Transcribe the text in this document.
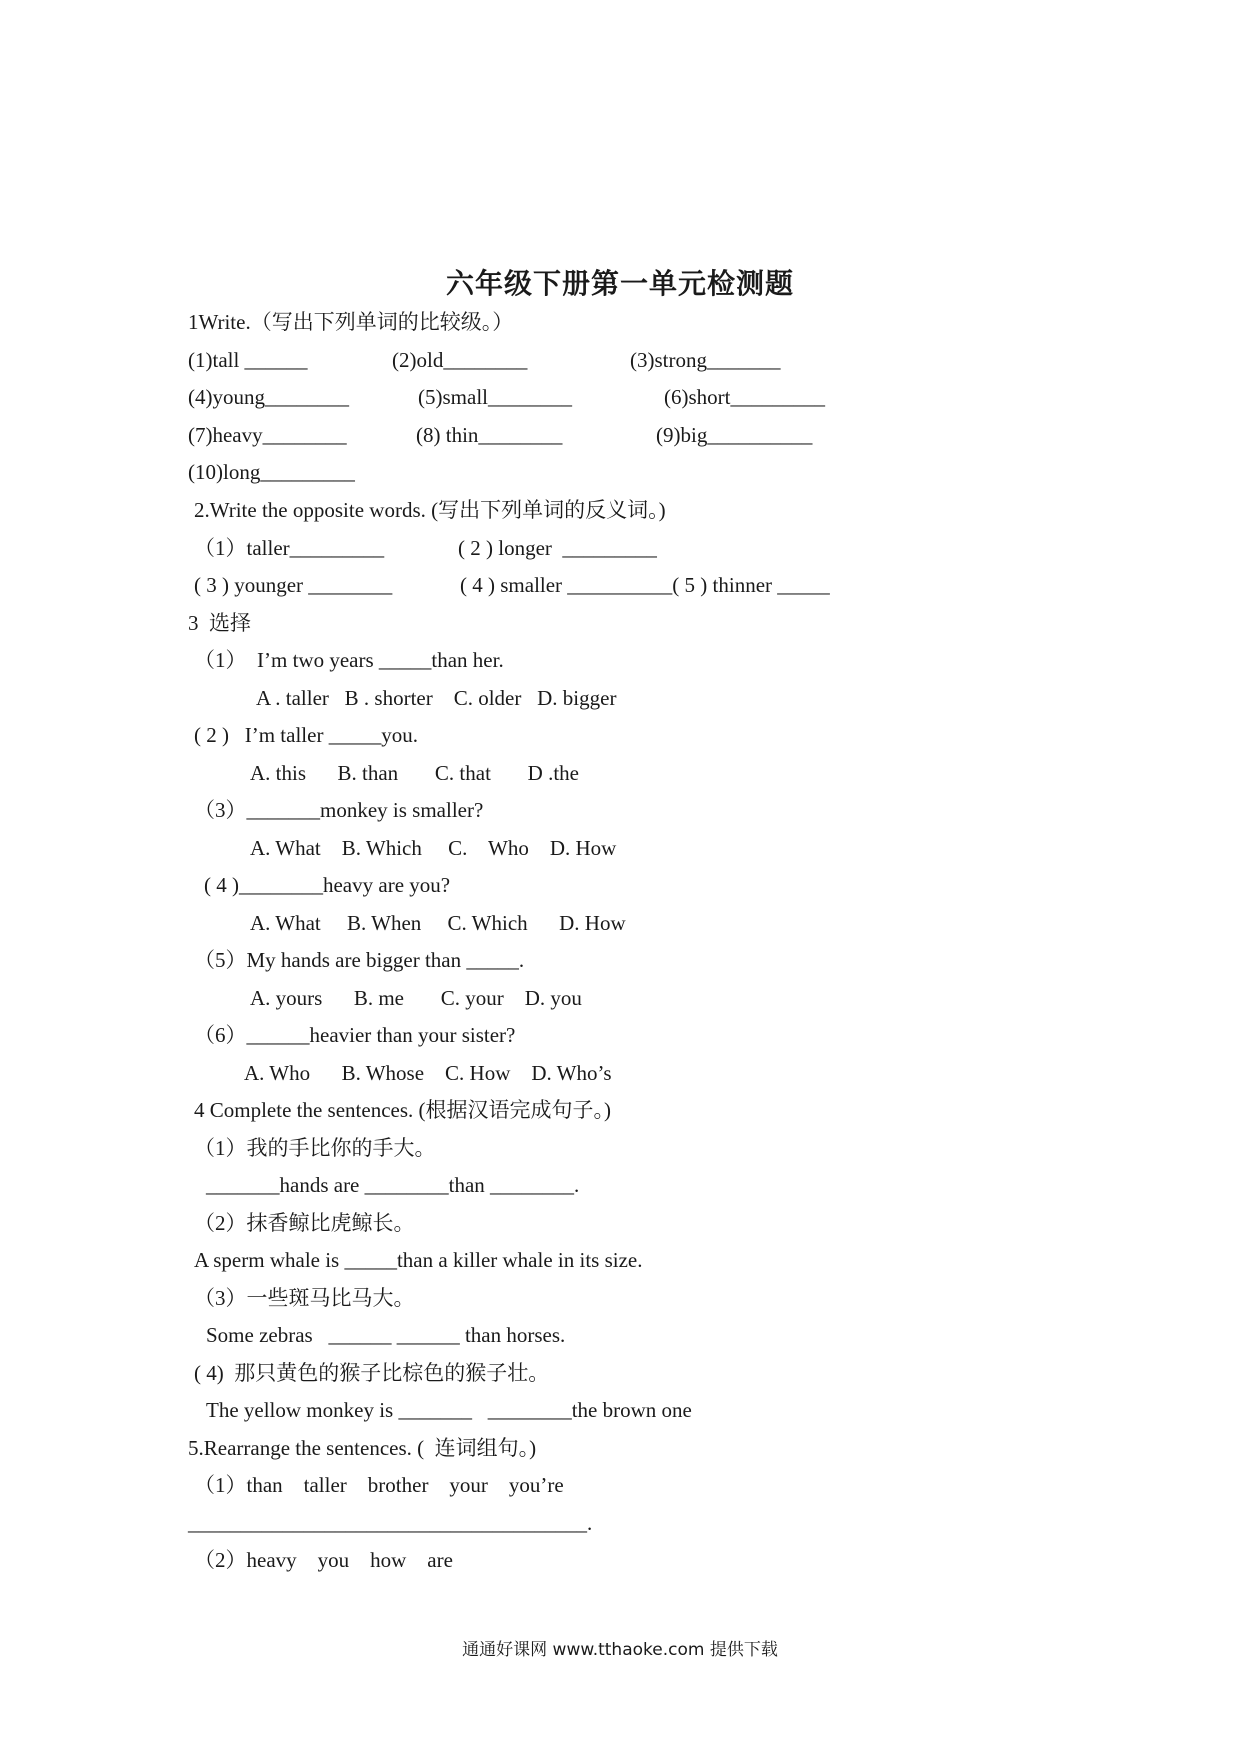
六年级下册第一单元检测题
1Write.（写出下列单词的比较级。）
(1)tall ______	(2)old________	(3)strong_______
(4)young________	(5)small________	(6)short_________
(7)heavy________	(8) thin________	(9)big__________
(10)long_________
2.Write the opposite words. (写出下列单词的反义词。)
（1）taller_________	( 2 ) longer  _________
( 3 ) younger ________	( 4 ) smaller __________( 5 ) thinner _____
3  选择
（1）  I’m two years _____than her.
A . taller   B . shorter    C. older   D. bigger
( 2 )   I’m taller _____you.
A. this      B. than       C. that       D .the
（3）_______monkey is smaller?
A. What    B. Which     C.    Who    D. How
( 4 )________heavy are you?
A. What     B. When     C. Which      D. How
（5）My hands are bigger than _____.
A. yours      B. me       C. your    D. you
（6）______heavier than your sister?
A. Who      B. Whose    C. How    D. Who’s
4 Complete the sentences. (根据汉语完成句子。)
（1）我的手比你的手大。
_______hands are ________than ________.
（2）抹香鲸比虎鲸长。
A sperm whale is _____than a killer whale in its size.
（3）一些斑马比马大。
Some zebras   ______ ______ than horses.
( 4)  那只黄色的猴子比棕色的猴子壮。
The yellow monkey is _______   ________the brown one
5.Rearrange the sentences. (  连词组句。)
（1）than    taller    brother    your    you’re
______________________________________.
（2）heavy    you    how    are
通通好课网 www.tthaoke.com 提供下载
